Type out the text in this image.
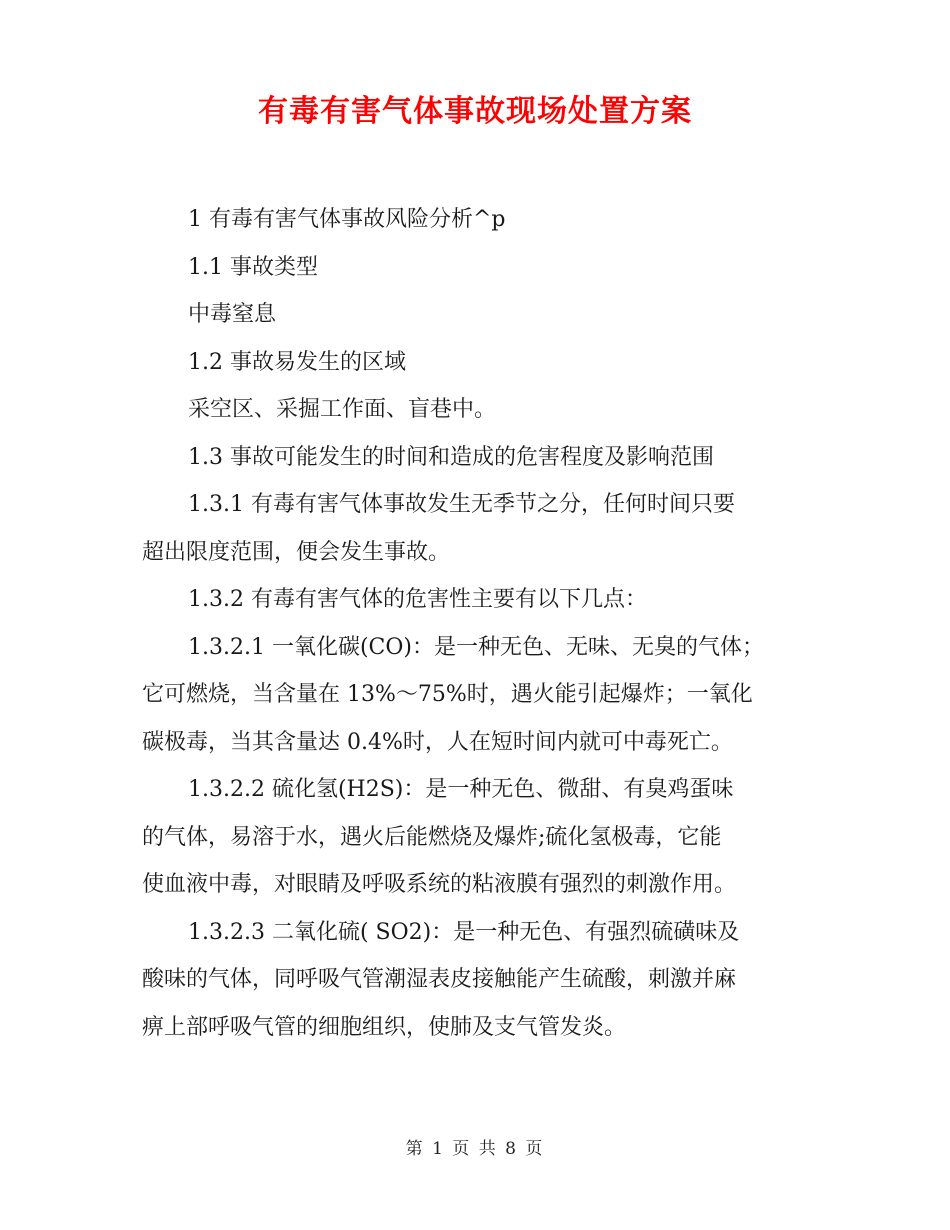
有毒有害气体事故现场处置方案
1 有毒有害气体事故风险分析^p
1.1 事故类型
中毒窒息
1.2 事故易发生的区域
采空区、采掘工作面、盲巷中。
1.3 事故可能发生的时间和造成的危害程度及影响范围
1.3.1 有毒有害气体事故发生无季节之分，任何时间只要
超出限度范围，便会发生事故。
1.3.2 有毒有害气体的危害性主要有以下几点：
1.3.2.1 一氧化碳(CO)：是一种无色、无味、无臭的气体；
它可燃烧，当含量在 13%～75%时，遇火能引起爆炸；一氧化
碳极毒，当其含量达 0.4%时，人在短时间内就可中毒死亡。
1.3.2.2 硫化氢(H2S)：是一种无色、微甜、有臭鸡蛋味
的气体，易溶于水，遇火后能燃烧及爆炸;硫化氢极毒，它能
使血液中毒，对眼睛及呼吸系统的粘液膜有强烈的刺激作用。
1.3.2.3 二氧化硫( SO2)：是一种无色、有强烈硫磺味及
酸味的气体，同呼吸气管潮湿表皮接触能产生硫酸，刺激并麻
痹上部呼吸气管的细胞组织，使肺及支气管发炎。
第 1 页 共 8 页
